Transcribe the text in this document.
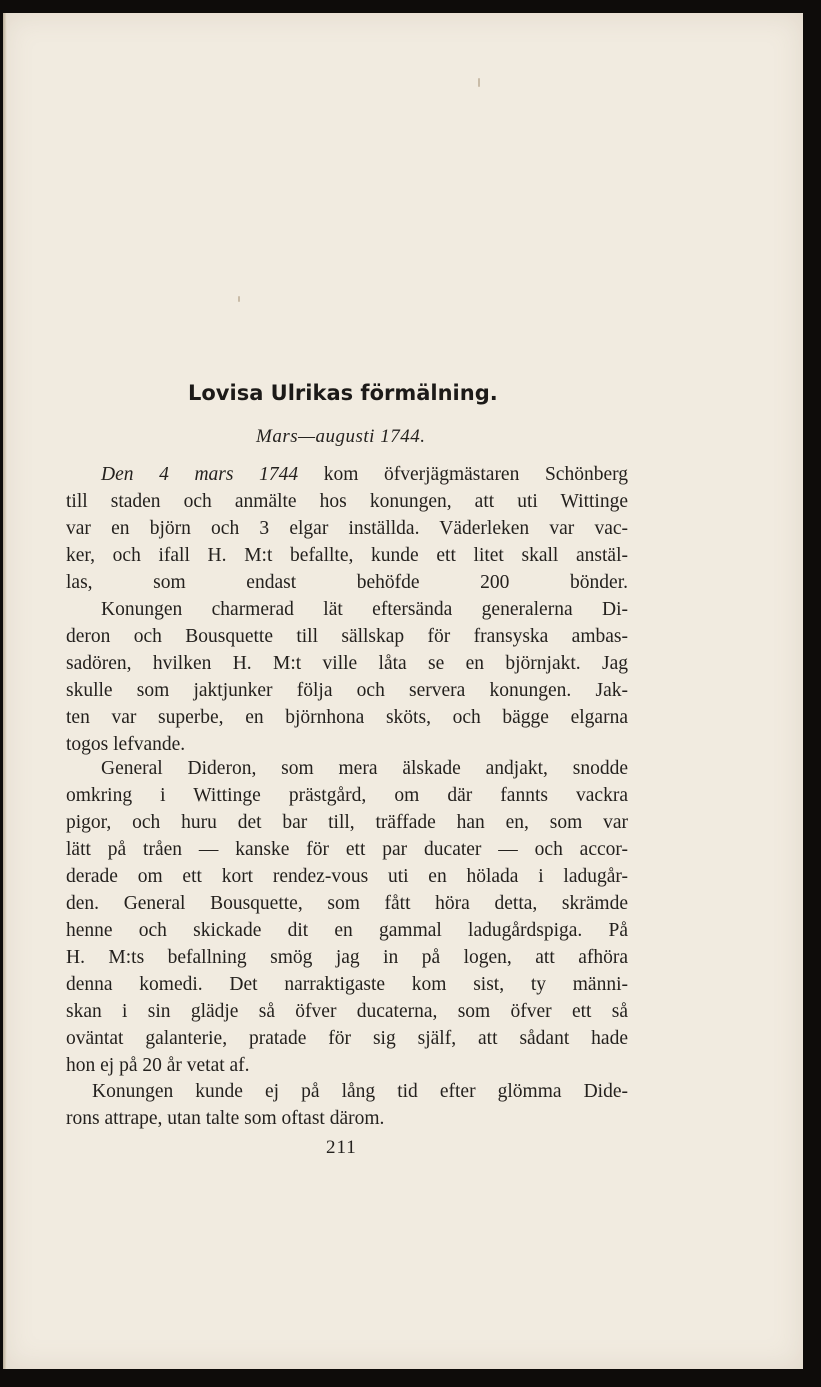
Lovisa Ulrikas förmälning.
Mars—augusti 1744.
Den 4 mars 1744 kom öfverjägmästaren Schönberg
till staden och anmälte hos konungen, att uti Wittinge
var en björn och 3 elgar inställda. Väderleken var vac-
ker, och ifall H. M:t befallte, kunde ett litet skall anstäl-
las, som endast behöfde 200 bönder.
Konungen charmerad lät eftersända generalerna Di-
deron och Bousquette till sällskap för fransyska ambas-
sadören, hvilken H. M:t ville låta se en björnjakt. Jag
skulle som jaktjunker följa och servera konungen. Jak-
ten var superbe, en björnhona sköts, och bägge elgarna
togos lefvande.
General Dideron, som mera älskade andjakt, snodde
omkring i Wittinge prästgård, om där fannts vackra
pigor, och huru det bar till, träffade han en, som var
lätt på tråen — kanske för ett par ducater — och accor-
derade om ett kort rendez-vous uti en hölada i ladugår-
den. General Bousquette, som fått höra detta, skrämde
henne och skickade dit en gammal ladugårdspiga. På
H. M:ts befallning smög jag in på logen, att afhöra
denna komedi. Det narraktigaste kom sist, ty männi-
skan i sin glädje så öfver ducaterna, som öfver ett så
oväntat galanterie, pratade för sig själf, att sådant hade
hon ej på 20 år vetat af.
Konungen kunde ej på lång tid efter glömma Dide-
rons attrape, utan talte som oftast därom.
211
